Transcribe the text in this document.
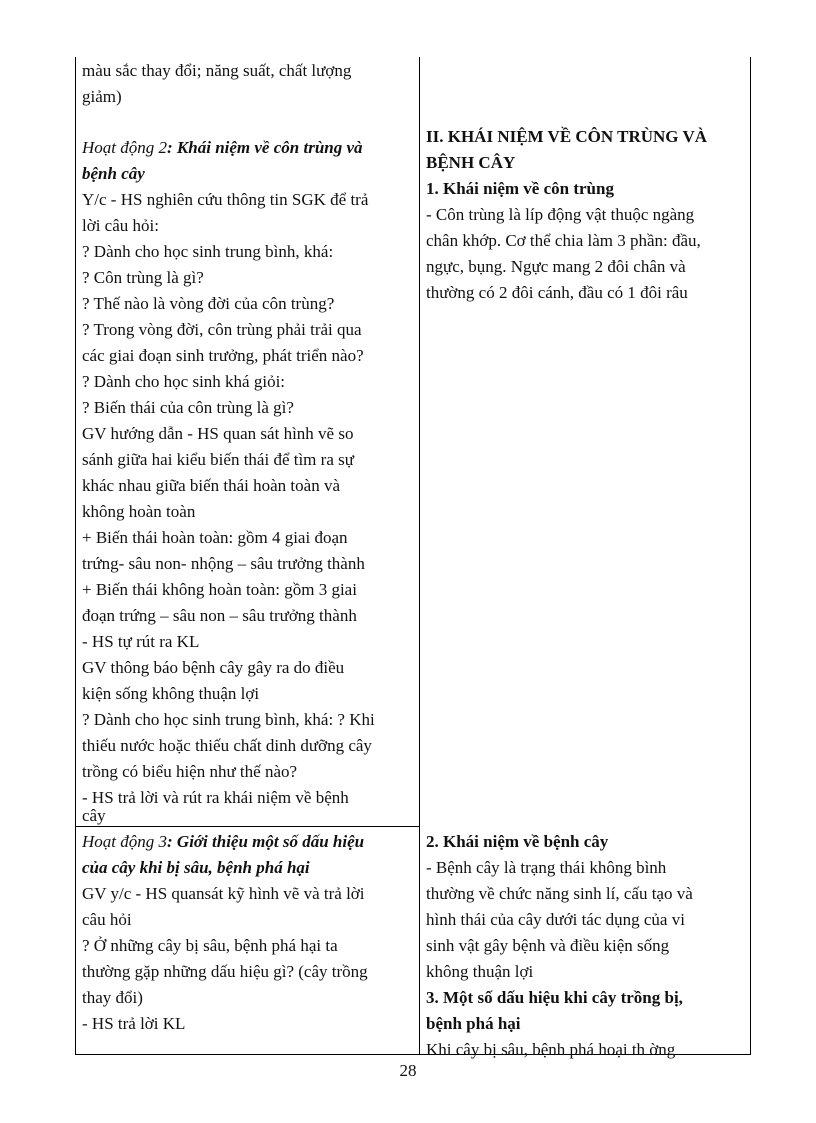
màu sắc thay đổi; năng suất, chất lượng
giảm)
Hoạt động 2: Khái niệm về côn trùng và
bệnh cây
Y/c - HS nghiên cứu thông tin SGK để trả
lời câu hỏi:
? Dành cho học sinh trung bình, khá:
? Côn trùng là gì?
? Thế nào là vòng đời của côn trùng?
? Trong vòng đời, côn trùng phải trải qua
các giai đoạn sinh trưởng, phát triển nào?
? Dành cho học sinh khá giỏi:
? Biến thái của côn trùng là gì?
GV hướng dẫn - HS quan sát hình vẽ so
sánh giữa hai kiểu biến thái để tìm ra sự
khác nhau giữa biến thái hoàn toàn và
không hoàn toàn
+ Biến thái hoàn toàn: gồm 4 giai đoạn
trứng- sâu non- nhộng – sâu trưởng thành
+ Biến thái không hoàn toàn: gồm 3 giai
đoạn trứng – sâu non – sâu trưởng thành
- HS tự rút ra KL
GV thông báo bệnh cây gây ra do điều
kiện sống không thuận lợi
? Dành cho học sinh trung bình, khá: ? Khi
thiếu nước hoặc thiếu chất dinh dưỡng cây
trồng có biểu hiện như thế nào?
- HS trả lời và rút ra khái niệm về bệnh
cây
Hoạt động 3: Giới thiệu một số dấu hiệu
của cây khi bị sâu, bệnh phá hại
GV y/c - HS quansát kỹ hình vẽ và trả lời
câu hỏi
? Ở những cây bị sâu, bệnh phá hại ta
thường gặp những dấu hiệu gì? (cây trồng
thay đổi)
- HS trả lời KL
II. KHÁI NIỆM VỀ CÔN TRÙNG VÀ
BỆNH CÂY
1. Khái niệm về côn trùng
- Côn trùng là líp động vật thuộc ngàng
chân khớp. Cơ thể chia làm 3 phần: đầu,
ngực, bụng. Ngực mang 2 đôi chân và
thường có 2 đôi cánh, đầu có 1 đôi râu
2. Khái niệm về bệnh cây
- Bệnh cây là trạng thái không bình
thường về chức năng sinh lí, cấu tạo và
hình thái của cây dưới tác dụng của vi
sinh vật gây bệnh và điều kiện sống
không thuận lợi
3. Một số dấu hiệu khi cây trồng bị,
bệnh phá hại
Khi cây bị sâu, bệnh phá hoại th ờng
28
